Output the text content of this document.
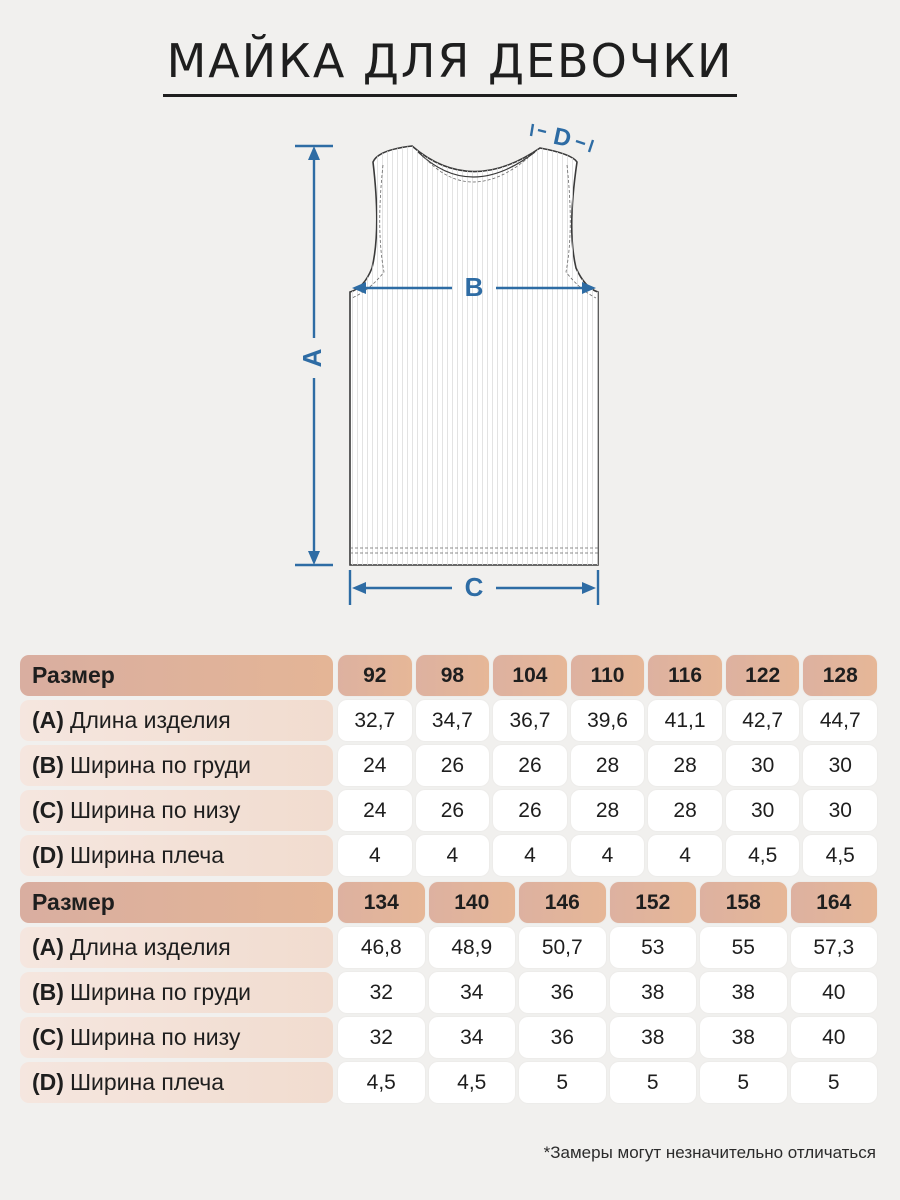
МАЙКА ДЛЯ ДЕВОЧКИ
A
B
C
D
Размер	92	98	104	110	116	122	128
(A) Длина изделия	32,7	34,7	36,7	39,6	41,1	42,7	44,7
(B) Ширина по груди	24	26	26	28	28	30	30
(C) Ширина по низу	24	26	26	28	28	30	30
(D) Ширина плеча	4	4	4	4	4	4,5	4,5
Размер	134	140	146	152	158	164
(A) Длина изделия	46,8	48,9	50,7	53	55	57,3
(B) Ширина по груди	32	34	36	38	38	40
(C) Ширина по низу	32	34	36	38	38	40
(D) Ширина плеча	4,5	4,5	5	5	5	5
*Замеры могут незначительно отличаться
